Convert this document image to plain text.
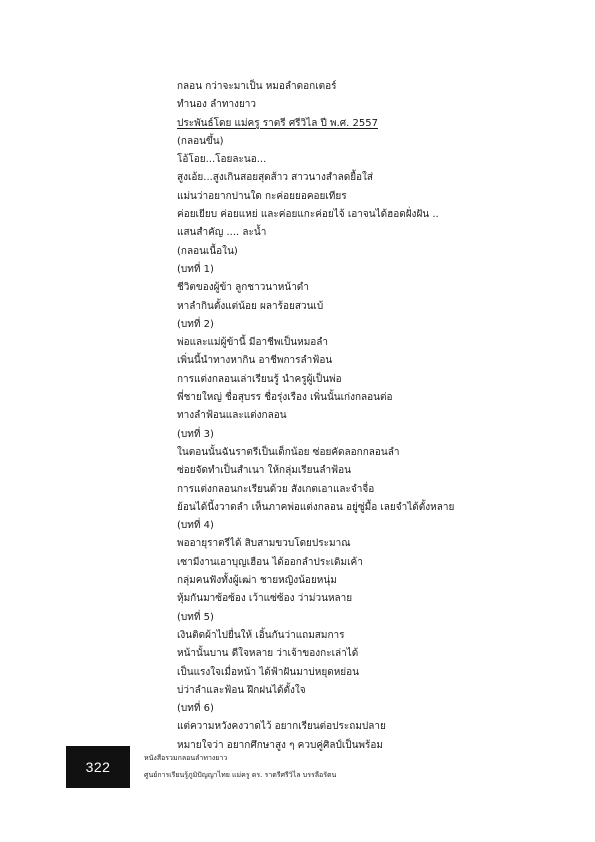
กลอน กว่าจะมาเป็น หมอลำดอกเตอร์
ทำนอง ลำทางยาว
ประพันธ์โดย แม่ครู ราตรี ศรีวิไล ปี พ.ศ. 2557
(กลอนขึ้น)
โอ้โอย...โอยละนอ...
สูงเอ้ย...สูงเกินสอยสุดส้าว สาวนางสำลดยื้อใส่
แม่นว่าอยากปานใด กะค่อยยอคอยเทียร
ค่อยเยียบ ค่อยแหย่ และค่อยแกะค่อยไจ้ เอาจนได้ฮอดฝั่งฝัน ..
แสนสำคัญ .... ละน้ำ
(กลอนเนื้อใน)
(บทที่ 1)
ชีวิตของผู้ข้า ลูกชาวนาหน้าดำ
หาลำกินตั้งแต่น้อย ผลาร้อยสวนเบ้
(บทที่ 2)
พ่อและแม่ผู้ข้านี้ มีอาชีพเป็นหมอลำ
เพิ่นนี้นำทางหากิน อาชีพการลำฟ้อน
การแต่งกลอนเล่าเรียนรู้ นำครูผู้เป็นพ่อ
พี่ชายใหญ่ ชื่อสุบรร ชื่อรุ่งเรือง เพิ่นนั้นเก่งกลอนต่อ
ทางลำฟ้อนและแต่งกลอน
(บทที่ 3)
ในตอนนั้นฉันราตรีเป็นเด็กน้อย ซ่อยคัดลอกกลอนลำ
ซ่อยจัดทำเป็นสำเนา ให้กลุ่มเรียนลำฟ้อน
การแต่งกลอนกะเรียนด้วย สังเกตเอาและจำจื่อ
ย้อนได้นี้งวาดลำ เห็นภาคพ่อแต่งกลอน อยู่ซู่มื้อ เลยจำได้ตั้งหลาย
(บทที่ 4)
พออายุราตรีได้ สิบสามขวบโดยประมาณ
เซามีงานเอาบุญเฮือน ได้ออกลำประเดิมเค้า
กลุ่มคนฟังทั้งผู้เฒ่า ชายหญิงน้อยหนุ่ม
หุ้มกันมาซ้อซ้อง เว้าแซ่ซ้อง ว่าม่วนหลาย
(บทที่ 5)
เงินติดผ้าไปยื่นให้ เอิ้นกันว่าแถมสมการ
หน้านั้นบาน ดีใจหลาย ว่าเจ้าของกะเล่าได้
เป็นแรงใจเมื่อหน้า ได้ฟ้าฝันมาบ่หยุดหย่อน
บ่ว่าลำและฟ้อน ฝึกฝนได้ตั้งใจ
(บทที่ 6)
แต่ความหวังคงวาดไว้ อยากเรียนต่อประถมปลาย
หมายใจว่า อยากศึกษาสูง ๆ ควบคู่ศิลป์เป็นพร้อม
322
หนังสือรวมกลอนลำทางยาว
ศูนย์การเรียนรู้ภูมิปัญญาไทย แม่ครู ดร. ราตรีศรีวิไล บรรลือรัตน
